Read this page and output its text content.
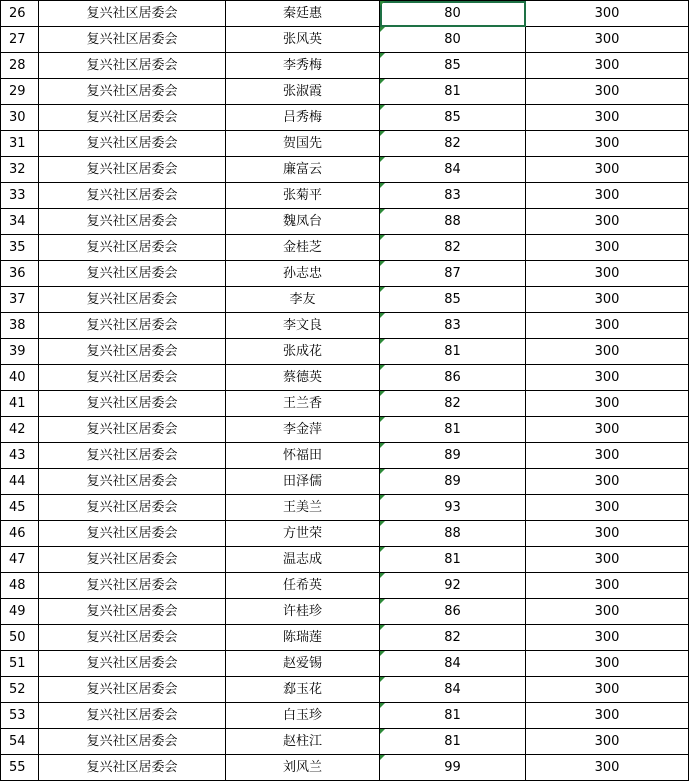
26	复兴社区居委会	秦廷惠	80	300
27	复兴社区居委会	张风英	80	300
28	复兴社区居委会	李秀梅	85	300
29	复兴社区居委会	张淑霞	81	300
30	复兴社区居委会	吕秀梅	85	300
31	复兴社区居委会	贺国先	82	300
32	复兴社区居委会	廉富云	84	300
33	复兴社区居委会	张菊平	83	300
34	复兴社区居委会	魏凤台	88	300
35	复兴社区居委会	金桂芝	82	300
36	复兴社区居委会	孙志忠	87	300
37	复兴社区居委会	李友	85	300
38	复兴社区居委会	李文良	83	300
39	复兴社区居委会	张成花	81	300
40	复兴社区居委会	蔡德英	86	300
41	复兴社区居委会	王兰香	82	300
42	复兴社区居委会	李金萍	81	300
43	复兴社区居委会	怀福田	89	300
44	复兴社区居委会	田泽儒	89	300
45	复兴社区居委会	王美兰	93	300
46	复兴社区居委会	方世荣	88	300
47	复兴社区居委会	温志成	81	300
48	复兴社区居委会	任希英	92	300
49	复兴社区居委会	许桂珍	86	300
50	复兴社区居委会	陈瑞莲	82	300
51	复兴社区居委会	赵爱锡	84	300
52	复兴社区居委会	郄玉花	84	300
53	复兴社区居委会	白玉珍	81	300
54	复兴社区居委会	赵柱江	81	300
55	复兴社区居委会	刘风兰	99	300
